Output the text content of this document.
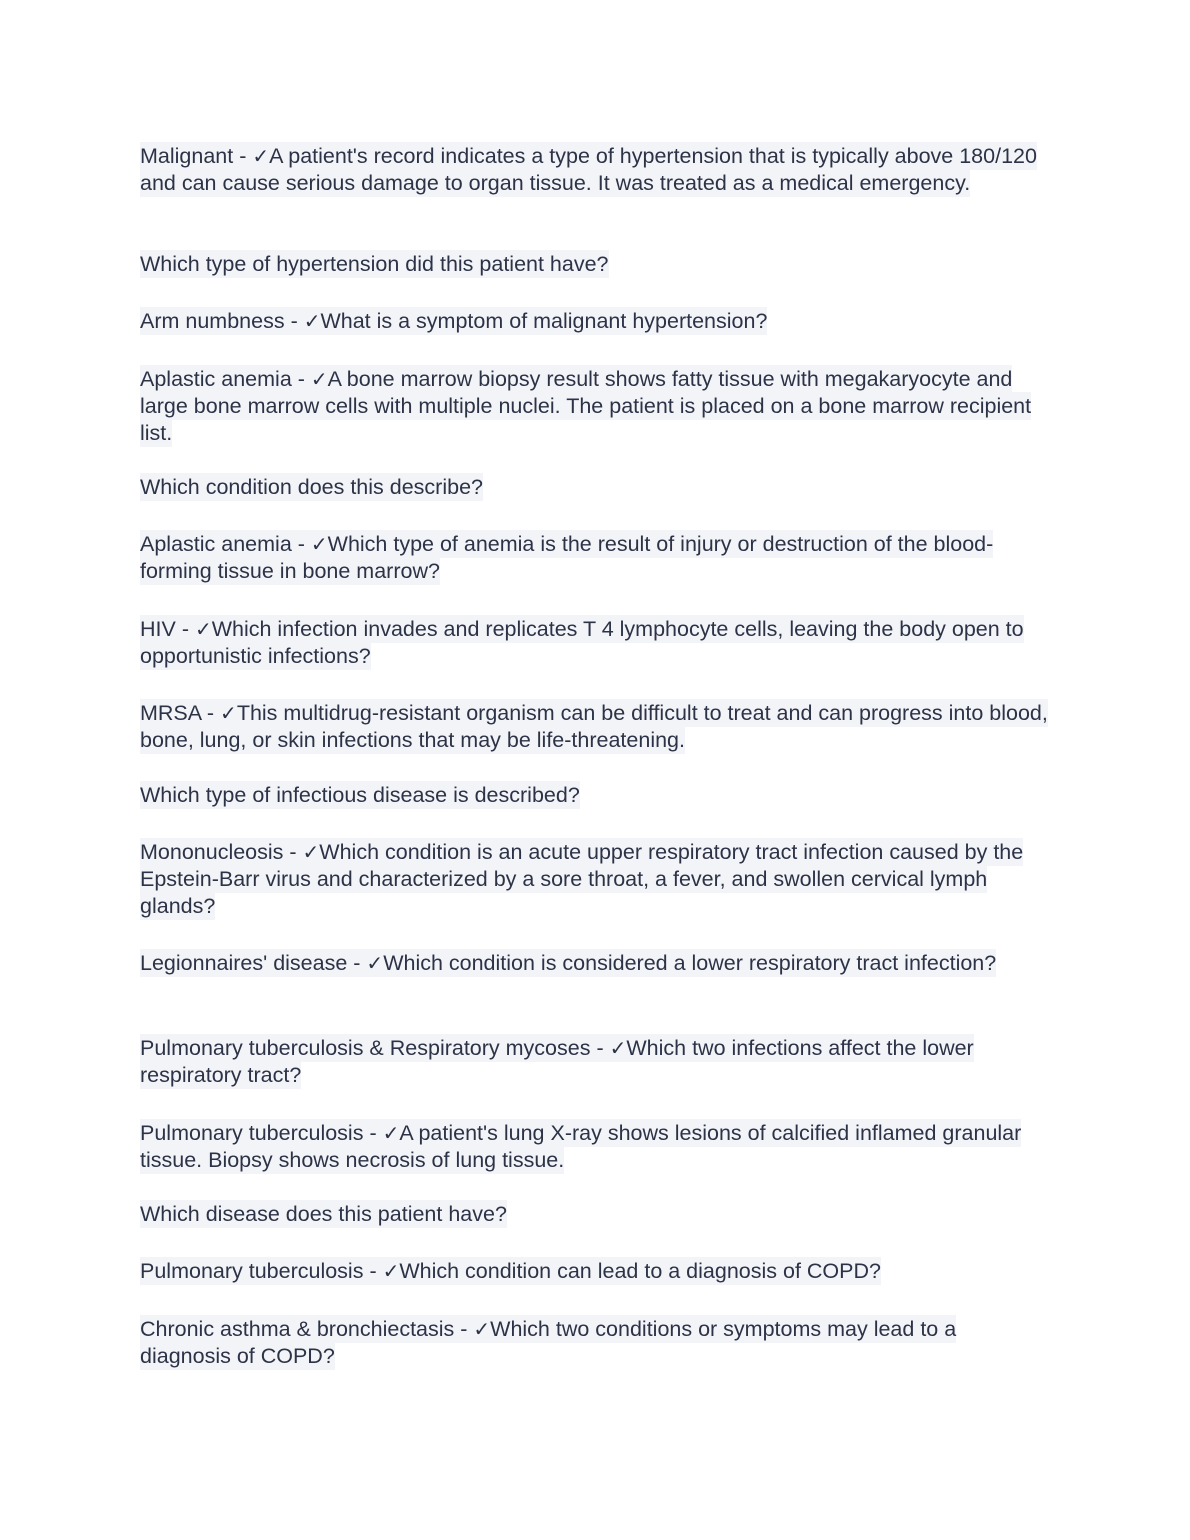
Malignant - ✓A patient's record indicates a type of hypertension that is typically above 180/120 and can cause serious damage to organ tissue. It was treated as a medical emergency.

Which type of hypertension did this patient have?

Arm numbness - ✓What is a symptom of malignant hypertension?

Aplastic anemia - ✓A bone marrow biopsy result shows fatty tissue with megakaryocyte and large bone marrow cells with multiple nuclei. The patient is placed on a bone marrow recipient list.

Which condition does this describe?

Aplastic anemia - ✓Which type of anemia is the result of injury or destruction of the blood-forming tissue in bone marrow?

HIV - ✓Which infection invades and replicates T 4 lymphocyte cells, leaving the body open to opportunistic infections?

MRSA - ✓This multidrug-resistant organism can be difficult to treat and can progress into blood, bone, lung, or skin infections that may be life-threatening.

Which type of infectious disease is described?

Mononucleosis - ✓Which condition is an acute upper respiratory tract infection caused by the Epstein-Barr virus and characterized by a sore throat, a fever, and swollen cervical lymph glands?

Legionnaires' disease - ✓Which condition is considered a lower respiratory tract infection?

Pulmonary tuberculosis & Respiratory mycoses - ✓Which two infections affect the lower respiratory tract?

Pulmonary tuberculosis - ✓A patient's lung X-ray shows lesions of calcified inflamed granular tissue. Biopsy shows necrosis of lung tissue.

Which disease does this patient have?

Pulmonary tuberculosis - ✓Which condition can lead to a diagnosis of COPD?

Chronic asthma & bronchiectasis - ✓Which two conditions or symptoms may lead to a diagnosis of COPD?
